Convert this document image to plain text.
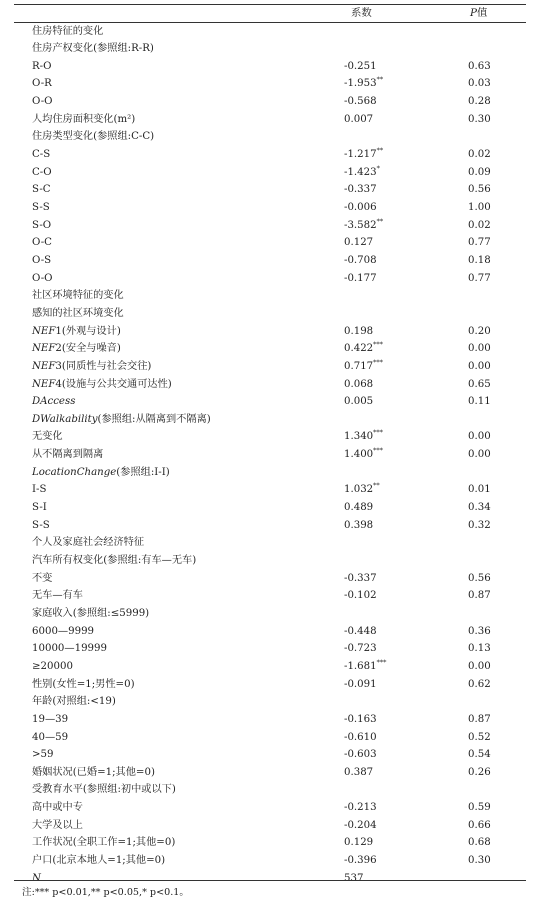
系数	P值
住房特征的变化
住房产权变化(参照组:R-R)
R-O	-0.251	0.63
O-R	-1.953**	0.03
O-O	-0.568	0.28
人均住房面积变化(m²)	0.007	0.30
住房类型变化(参照组:C-C)
C-S	-1.217**	0.02
C-O	-1.423*	0.09
S-C	-0.337	0.56
S-S	-0.006	1.00
S-O	-3.582**	0.02
O-C	0.127	0.77
O-S	-0.708	0.18
O-O	-0.177	0.77
社区环境特征的变化
感知的社区环境变化
NEF1(外观与设计)	0.198	0.20
NEF2(安全与噪音)	0.422***	0.00
NEF3(同质性与社会交往)	0.717***	0.00
NEF4(设施与公共交通可达性)	0.068	0.65
DAccess	0.005	0.11
DWalkability(参照组:从隔离到不隔离)
无变化	1.340***	0.00
从不隔离到隔离	1.400***	0.00
LocationChange(参照组:I-I)
I-S	1.032**	0.01
S-I	0.489	0.34
S-S	0.398	0.32
个人及家庭社会经济特征
汽车所有权变化(参照组:有车—无车)
不变	-0.337	0.56
无车—有车	-0.102	0.87
家庭收入(参照组:≤5999)
6000—9999	-0.448	0.36
10000—19999	-0.723	0.13
≥20000	-1.681***	0.00
性别(女性=1;男性=0)	-0.091	0.62
年龄(对照组:<19)
19—39	-0.163	0.87
40—59	-0.610	0.52
>59	-0.603	0.54
婚姻状况(已婚=1;其他=0)	0.387	0.26
受教育水平(参照组:初中或以下)
高中或中专	-0.213	0.59
大学及以上	-0.204	0.66
工作状况(全职工作=1;其他=0)	0.129	0.68
户口(北京本地人=1;其他=0)	-0.396	0.30
N	537
注:*** p<0.01,** p<0.05,* p<0.1。
